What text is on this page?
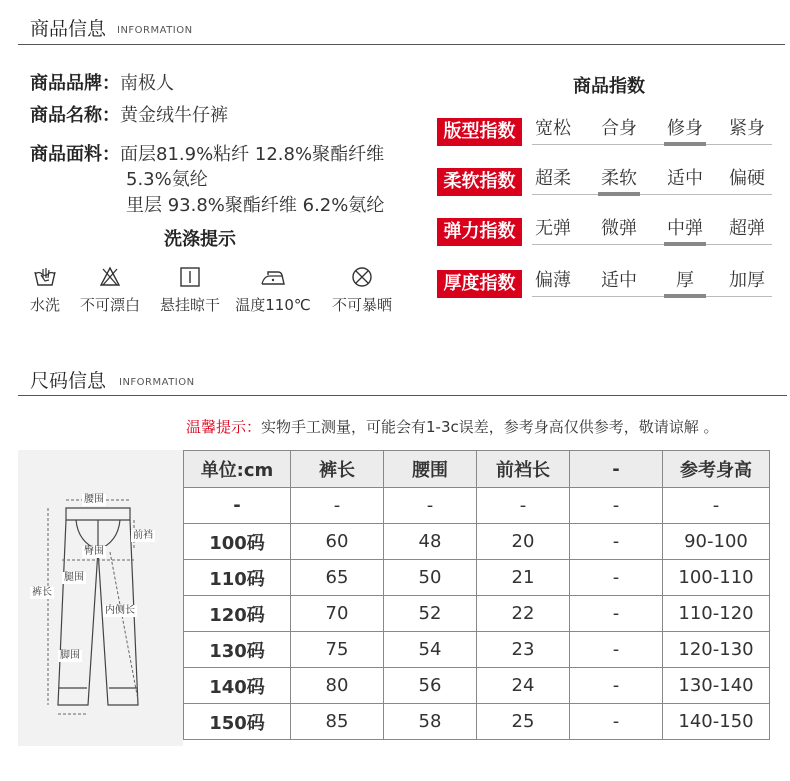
商品信息 INFORMATION
商品品牌：南极人
商品名称：黄金绒牛仔裤
商品面料：面层81.9%粘纤 12.8%聚酯纤维
5.3%氨纶
里层 93.8%聚酯纤维 6.2%氨纶
洗涤提示
水洗	不可漂白	悬挂晾干	温度110℃	不可暴晒
商品指数
版型指数	宽松	合身	修身	紧身
柔软指数	超柔	柔软	适中	偏硬
弹力指数	无弹	微弹	中弹	超弹
厚度指数	偏薄	适中	厚	加厚
尺码信息 INFORMATION
温馨提示：实物手工测量，可能会有1-3c误差，参考身高仅供参考，敬请谅解 。
腰围
前裆
臀围
裤长
腿围
内侧长
脚围
单位:cm	裤长	腰围	前裆长	-	参考身高
-	-	-	-	-	-
100码	60	48	20	-	90-100
110码	65	50	21	-	100-110
120码	70	52	22	-	110-120
130码	75	54	23	-	120-130
140码	80	56	24	-	130-140
150码	85	58	25	-	140-150
